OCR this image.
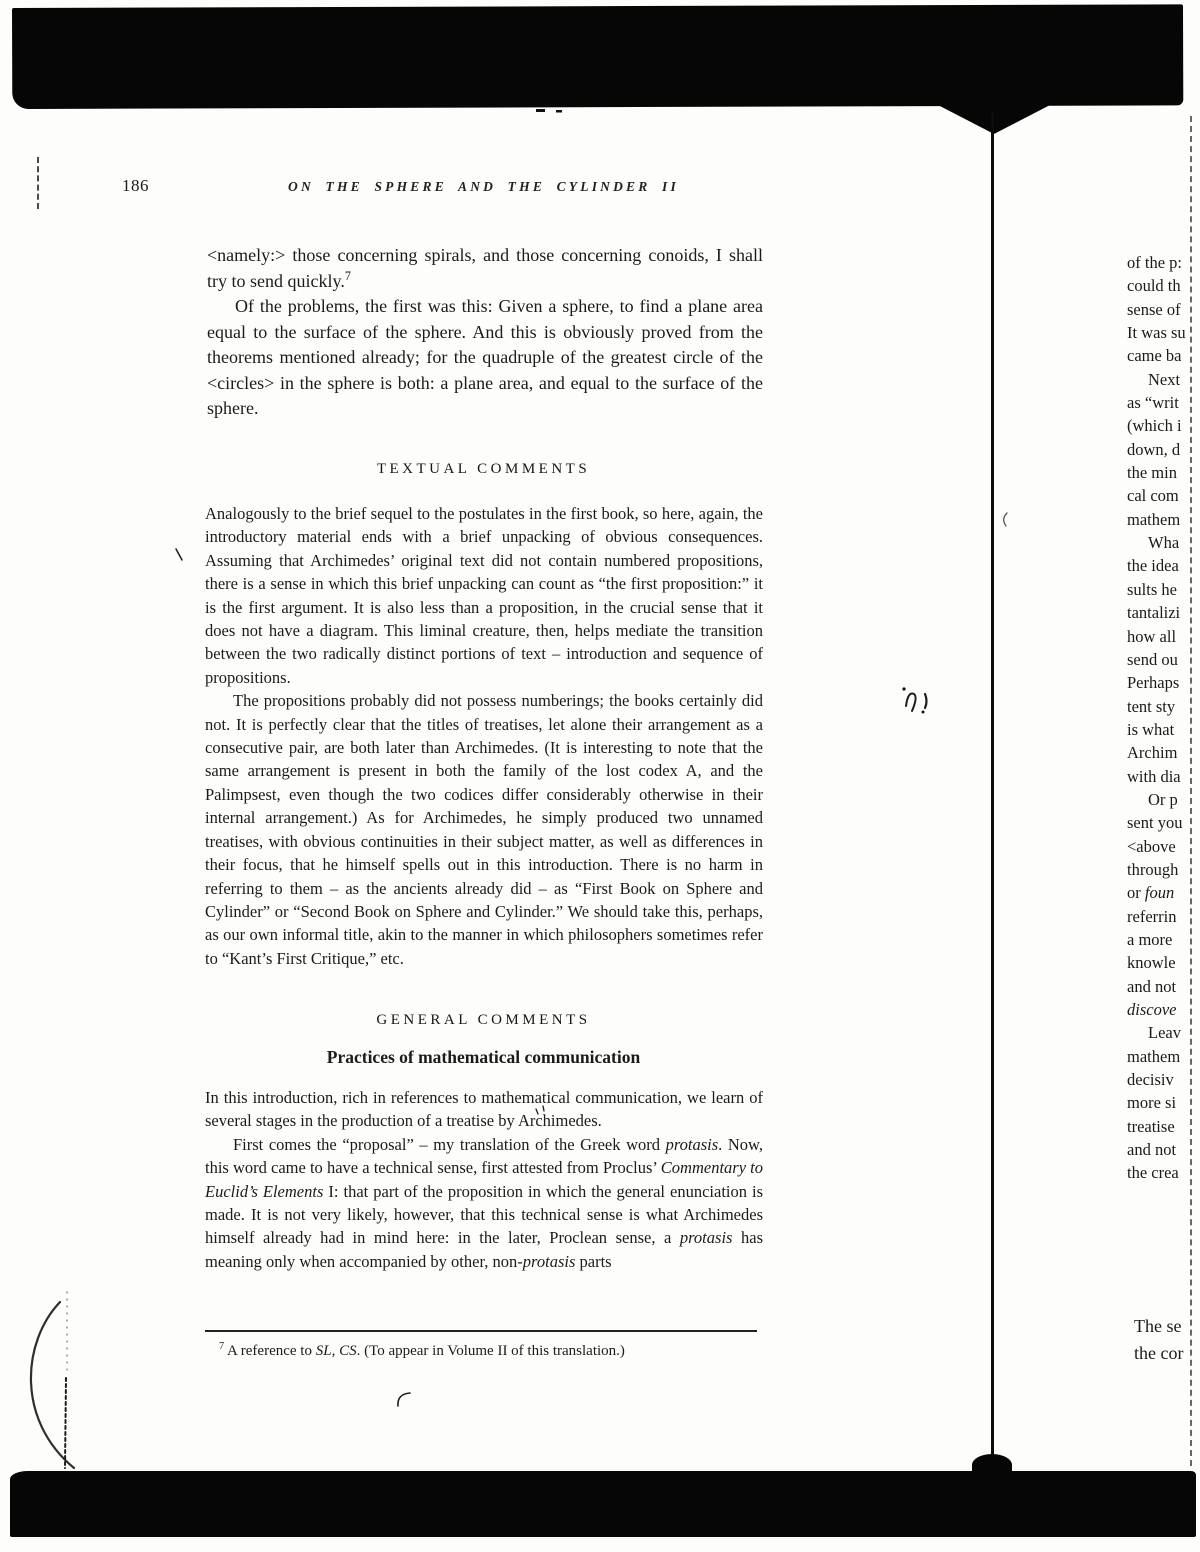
186	ON THE SPHERE AND THE CYLINDER II

<namely:> those concerning spirals, and those concerning conoids, I shall try to send quickly.$^7$

Of the problems, the first was this: Given a sphere, to find a plane area equal to the surface of the sphere. And this is obviously proved from the theorems mentioned already; for the quadruple of the greatest circle of the <circles> in the sphere is both: a plane area, and equal to the surface of the sphere.

TEXTUAL COMMENTS

Analogously to the brief sequel to the postulates in the first book, so here, again, the introductory material ends with a brief unpacking of obvious consequences. Assuming that Archimedes’ original text did not contain numbered propositions, there is a sense in which this brief unpacking can count as “the first proposition:” it is the first argument. It is also less than a proposition, in the crucial sense that it does not have a diagram. This liminal creature, then, helps mediate the transition between the two radically distinct portions of text – introduction and sequence of propositions.

The propositions probably did not possess numberings; the books certainly did not. It is perfectly clear that the titles of treatises, let alone their arrangement as a consecutive pair, are both later than Archimedes. (It is interesting to note that the same arrangement is present in both the family of the lost codex A, and the Palimpsest, even though the two codices differ considerably otherwise in their internal arrangement.) As for Archimedes, he simply produced two unnamed treatises, with obvious continuities in their subject matter, as well as differences in their focus, that he himself spells out in this introduction. There is no harm in referring to them – as the ancients already did – as “First Book on Sphere and Cylinder” or “Second Book on Sphere and Cylinder.” We should take this, perhaps, as our own informal title, akin to the manner in which philosophers sometimes refer to “Kant’s First Critique,” etc.

GENERAL COMMENTS
Practices of mathematical communication

In this introduction, rich in references to mathematical communication, we learn of several stages in the production of a treatise by Archimedes.

First comes the “proposal” – my translation of the Greek word protasis. Now, this word came to have a technical sense, first attested from Proclus’ Commentary to Euclid’s Elements I: that part of the proposition in which the general enunciation is made. It is not very likely, however, that this technical sense is what Archimedes himself already had in mind here: in the later, Proclean sense, a protasis has meaning only when accompanied by other, non-protasis parts

$^7$ A reference to SL, CS. (To appear in Volume II of this translation.)
of the p:
could th
sense of
It was su
came ba
Next
as “writ
(which i
down, d
the min
cal com
mathem
Wha
the idea
sults he
tantalizi
how all
send ou
Perhaps
tent sty
is what
Archim
with dia
Or p
sent you
<above
through
or foun
referrin
a more
knowle
and not
discove
Leav
mathem
decisiv
more si
treatise
and not
the crea
The se
the cor
